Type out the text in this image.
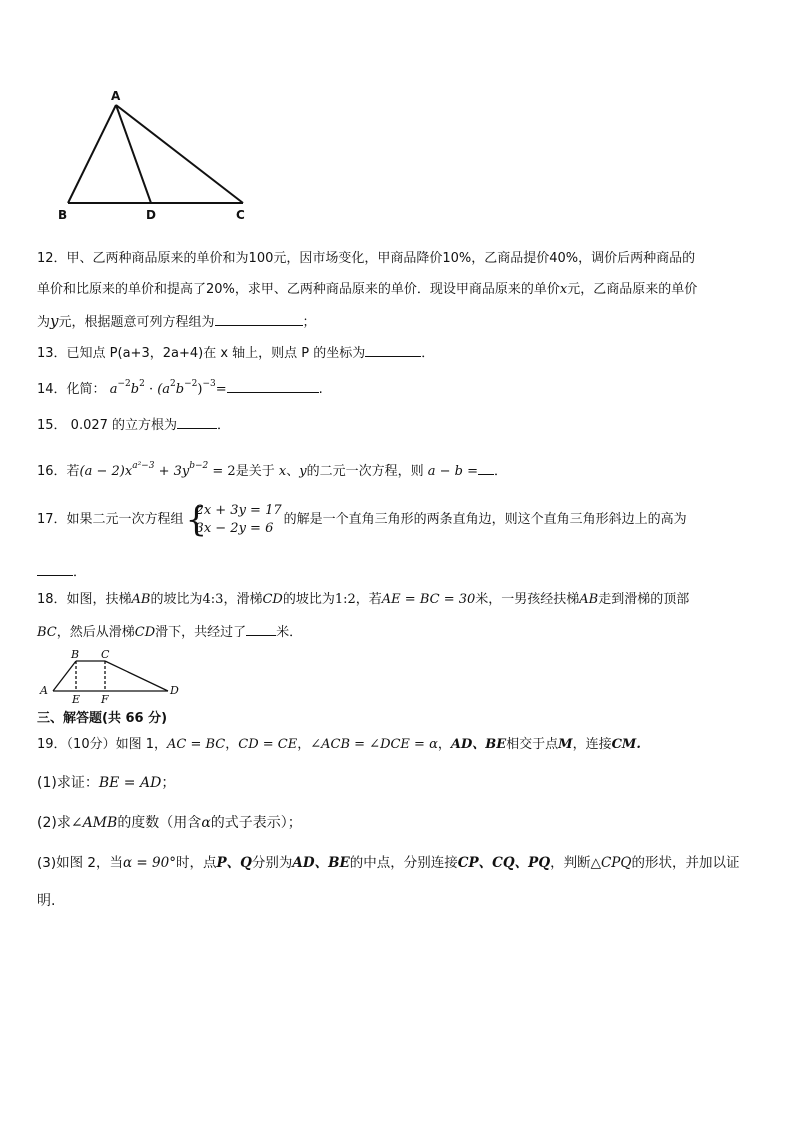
A
B	D	C
12．甲、乙两种商品原来的单价和为100元，因市场变化，甲商品降价10%，乙商品提价40%，调价后两种商品的
单价和比原来的单价和提高了20%，求甲、乙两种商品原来的单价．现设甲商品原来的单价x元，乙商品原来的单价
为y元，根据题意可列方程组为	；
13．已知点 P(a+3，2a+4)在 x 轴上，则点 P 的坐标为	．
14．化简： $a^{-2}b^2 \cdot (a^2b^{-2})^{-3}=$	.
15． 0.027 的立方根为	．
16．若$(a - 2)x^{a^2-3} + 3y^{b-2} = 2$是关于 x、y的二元一次方程，则 a − b = ．
17．如果二元一次方程组 {
2x + 3y = 17
3x − 2y = 6
的解是一个直角三角形的两条直角边，则这个直角三角形斜边上的高为
．
18．如图，扶梯AB的坡比为4:3，滑梯CD的坡比为1:2，若AE = BC = 30米，一男孩经扶梯AB走到滑梯的顶部
BC，然后从滑梯CD滑下，共经过了 米．
B C
A	D
E F
三、解答题(共 66 分)
19．（10分）如图 1，AC = BC，CD = CE，∠ACB = ∠DCE = α，AD、BE相交于点M，连接CM.
(1)求证：BE = AD；
(2)求∠AMB的度数（用含α的式子表示）；
(3)如图 2，当α = 90°时，点P、Q分别为AD、BE的中点，分别连接CP、CQ、PQ，判断△CPQ的形状，并加以证
明.
